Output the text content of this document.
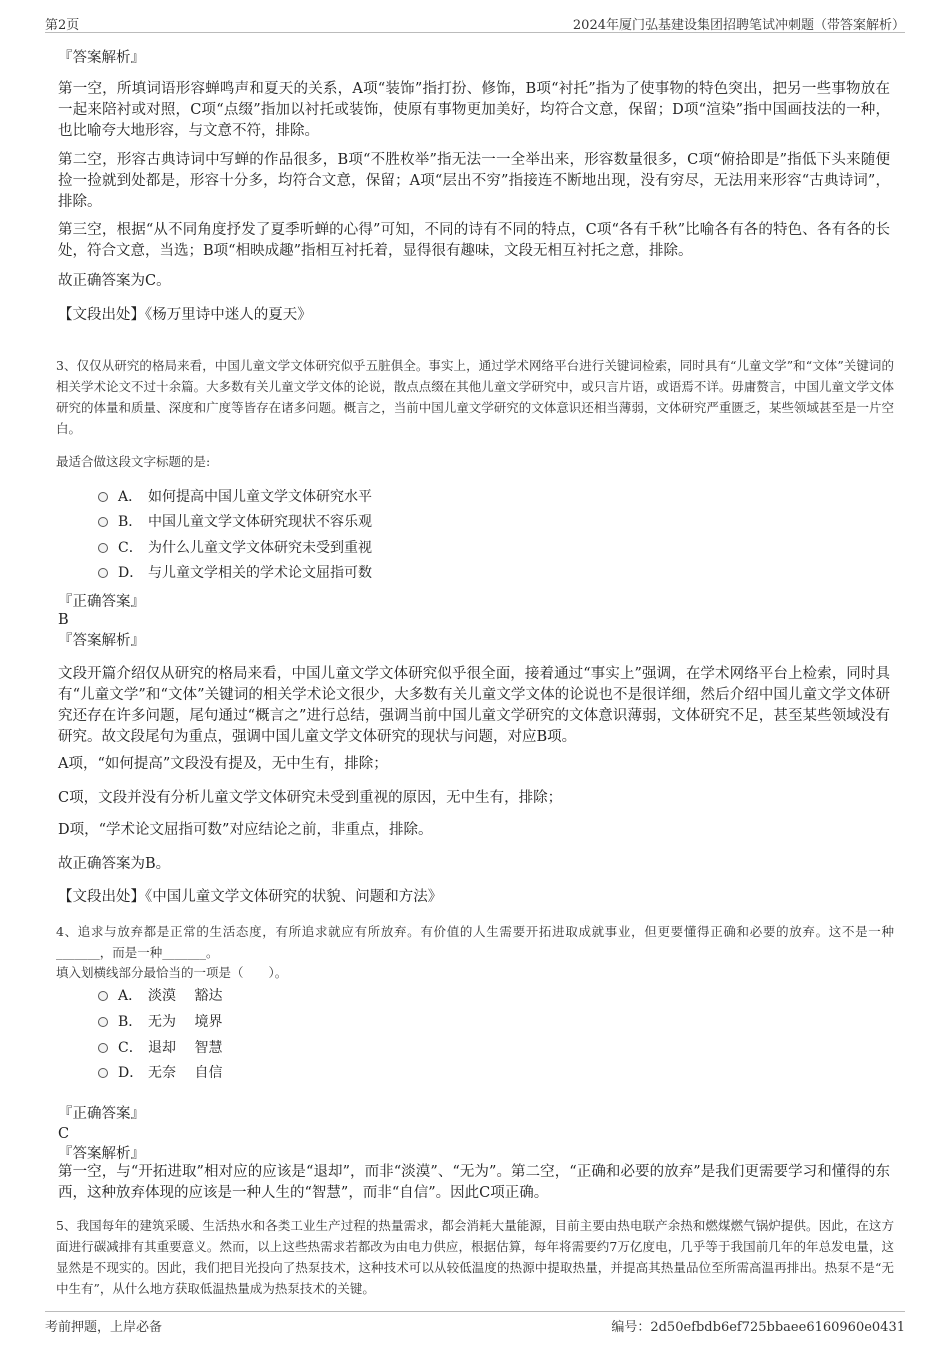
第2页	2024年厦门弘基建设集团招聘笔试冲刺题（带答案解析）
『答案解析』
第一空，所填词语形容蝉鸣声和夏天的关系，A项“装饰”指打扮、修饰，B项“衬托”指为了使事物的特色突出，把另一些事物放在一起来陪衬或对照，C项“点缀”指加以衬托或装饰，使原有事物更加美好，均符合文意，保留；D项“渲染”指中国画技法的一种，也比喻夸大地形容，与文意不符，排除。
第二空，形容古典诗词中写蝉的作品很多，B项“不胜枚举”指无法一一全举出来，形容数量很多，C项“俯拾即是”指低下头来随便捡一捡就到处都是，形容十分多，均符合文意，保留；A项“层出不穷”指接连不断地出现，没有穷尽，无法用来形容“古典诗词”，排除。
第三空，根据“从不同角度抒发了夏季听蝉的心得”可知，不同的诗有不同的特点，C项“各有千秋”比喻各有各的特色、各有各的长处，符合文意，当选；B项“相映成趣”指相互衬托着，显得很有趣味，文段无相互衬托之意，排除。
故正确答案为C。
【文段出处】《杨万里诗中迷人的夏天》
3、仅仅从研究的格局来看，中国儿童文学文体研究似乎五脏俱全。事实上，通过学术网络平台进行关键词检索，同时具有“儿童文学”和“文体”关键词的相关学术论文不过十余篇。大多数有关儿童文学文体的论说，散点点缀在其他儿童文学研究中，或只言片语，或语焉不详。毋庸赘言，中国儿童文学文体研究的体量和质量、深度和广度等皆存在诸多问题。概言之，当前中国儿童文学研究的文体意识还相当薄弱，文体研究严重匮乏，某些领域甚至是一片空白。
最适合做这段文字标题的是:
A． 如何提高中国儿童文学文体研究水平
B． 中国儿童文学文体研究现状不容乐观
C． 为什么儿童文学文体研究未受到重视
D． 与儿童文学相关的学术论文屈指可数
『正确答案』
B
『答案解析』
文段开篇介绍仅从研究的格局来看，中国儿童文学文体研究似乎很全面，接着通过“事实上”强调，在学术网络平台上检索，同时具有“儿童文学”和“文体”关键词的相关学术论文很少，大多数有关儿童文学文体的论说也不是很详细，然后介绍中国儿童文学文体研究还存在许多问题，尾句通过“概言之”进行总结，强调当前中国儿童文学研究的文体意识薄弱，文体研究不足，甚至某些领域没有研究。故文段尾句为重点，强调中国儿童文学文体研究的现状与问题，对应B项。
A项，“如何提高”文段没有提及，无中生有，排除；
C项，文段并没有分析儿童文学文体研究未受到重视的原因，无中生有，排除；
D项，“学术论文屈指可数”对应结论之前，非重点，排除。
故正确答案为B。
【文段出处】《中国儿童文学文体研究的状貌、问题和方法》
4、追求与放弃都是正常的生活态度，有所追求就应有所放弃。有价值的人生需要开拓进取成就事业，但更要懂得正确和必要的放弃。这不是一种_______，而是一种_______。
填入划横线部分最恰当的一项是（　　）。
A． 淡漠　 豁达
B． 无为　 境界
C． 退却　 智慧
D． 无奈　 自信
『正确答案』
C
『答案解析』
第一空，与“开拓进取”相对应的应该是“退却”，而非“淡漠”、“无为”。第二空，“正确和必要的放弃”是我们更需要学习和懂得的东西，这种放弃体现的应该是一种人生的“智慧”，而非“自信”。因此C项正确。
5、我国每年的建筑采暖、生活热水和各类工业生产过程的热量需求，都会消耗大量能源，目前主要由热电联产余热和燃煤燃气锅炉提供。因此，在这方面进行碳减排有其重要意义。然而，以上这些热需求若都改为由电力供应，根据估算，每年将需要约7万亿度电，几乎等于我国前几年的年总发电量，这显然是不现实的。因此，我们把目光投向了热泵技术，这种技术可以从较低温度的热源中提取热量，并提高其热量品位至所需高温再排出。热泵不是“无中生有”，从什么地方获取低温热量成为热泵技术的关键。
考前押题，上岸必备	编号：2d50efbdb6ef725bbaee6160960e0431
